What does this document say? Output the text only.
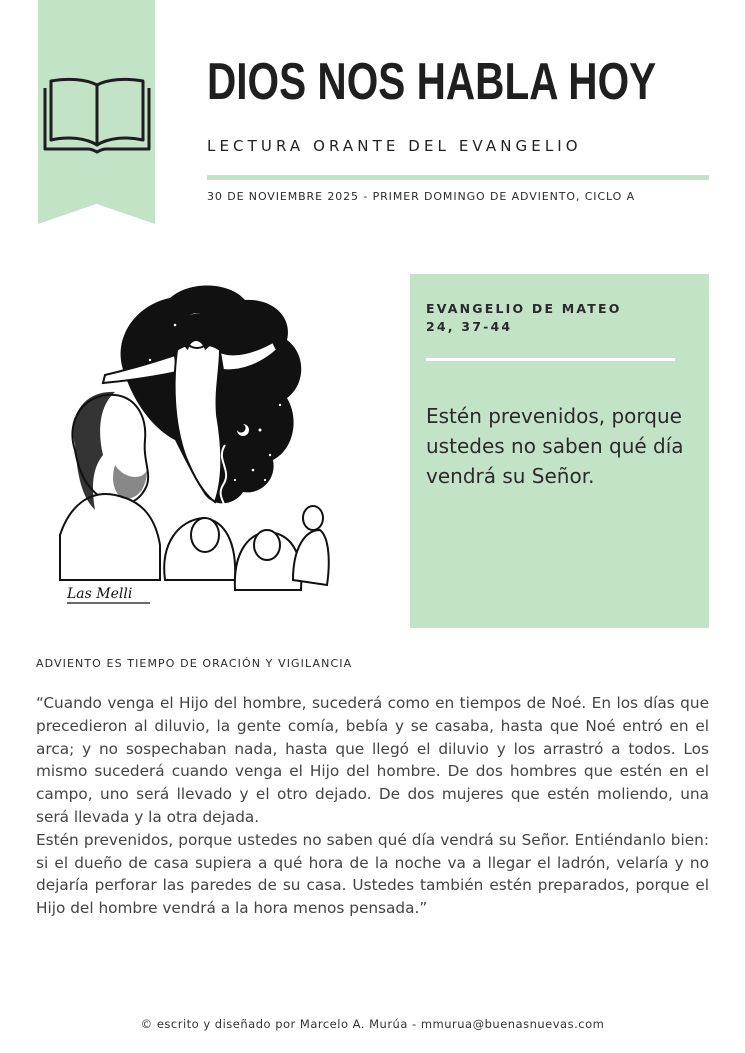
DIOS NOS HABLA HOY
LECTURA ORANTE DEL EVANGELIO
30 DE NOVIEMBRE 2025 - PRIMER DOMINGO DE ADVIENTO, CICLO A
Las Melli
EVANGELIO DE MATEO
24, 37-44
Estén prevenidos, porque ustedes no saben qué día vendrá su Señor.
ADVIENTO ES TIEMPO DE ORACIÓN Y VIGILANCIA

“Cuando venga el Hijo del hombre, sucederá como en tiempos de Noé. En los días que precedieron al diluvio, la gente comía, bebía y se casaba, hasta que Noé entró en el arca; y no sospechaban nada, hasta que llegó el diluvio y los arrastró a todos. Los mismo sucederá cuando venga el Hijo del hombre. De dos hombres que estén en el campo, uno será llevado y el otro dejado. De dos mujeres que estén moliendo, una será llevada y la otra dejada.

Estén prevenidos, porque ustedes no saben qué día vendrá su Señor. Entiéndanlo bien: si el dueño de casa supiera a qué hora de la noche va a llegar el ladrón, velaría y no dejaría perforar las paredes de su casa. Ustedes también estén preparados, porque el Hijo del hombre vendrá a la hora menos pensada.”

© escrito y diseñado por Marcelo A. Murúa - mmurua@buenasnuevas.com
